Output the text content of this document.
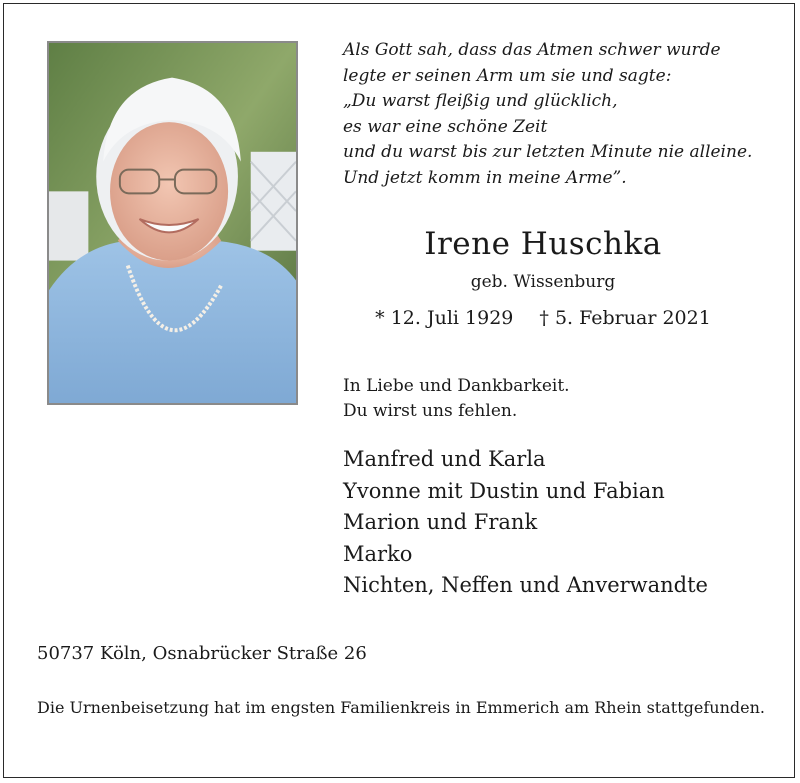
Als Gott sah, dass das Atmen schwer wurde
legte er seinen Arm um sie und sagte:
„Du warst fleißig und glücklich,
es war eine schöne Zeit
und du warst bis zur letzten Minute nie alleine.
Und jetzt komm in meine Arme”.
Irene Huschka
geb. Wissenburg
* 12. Juli 1929 † 5. Februar 2021
In Liebe und Dankbarkeit.
Du wirst uns fehlen.
Manfred und Karla
Yvonne mit Dustin und Fabian
Marion und Frank
Marko
Nichten, Neffen und Anverwandte
50737 Köln, Osnabrücker Straße 26

Die Urnenbeisetzung hat im engsten Familienkreis in Emmerich am Rhein stattgefunden.
